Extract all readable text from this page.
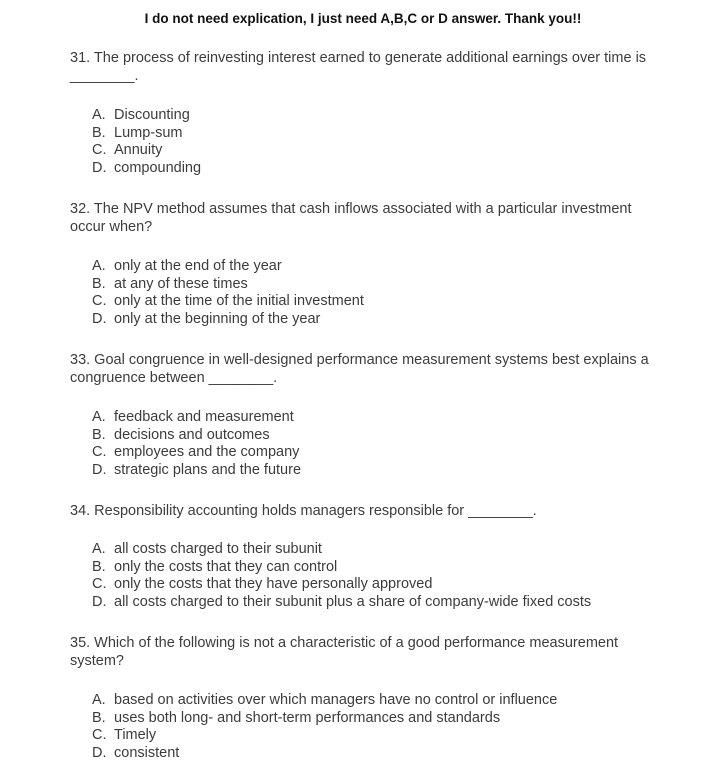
I do not need explication, I just need A,B,C or D answer. Thank you!!
31. The process of reinvesting interest earned to generate additional earnings over time is ________.
A. Discounting
B. Lump-sum
C. Annuity
D. compounding
32. The NPV method assumes that cash inflows associated with a particular investment occur when?
A. only at the end of the year
B. at any of these times
C. only at the time of the initial investment
D. only at the beginning of the year
33. Goal congruence in well-designed performance measurement systems best explains a congruence between ________.
A. feedback and measurement
B. decisions and outcomes
C. employees and the company
D. strategic plans and the future
34. Responsibility accounting holds managers responsible for ________.
A. all costs charged to their subunit
B. only the costs that they can control
C. only the costs that they have personally approved
D. all costs charged to their subunit plus a share of company-wide fixed costs
35. Which of the following is not a characteristic of a good performance measurement system?
A. based on activities over which managers have no control or influence
B. uses both long- and short-term performances and standards
C. Timely
D. consistent
